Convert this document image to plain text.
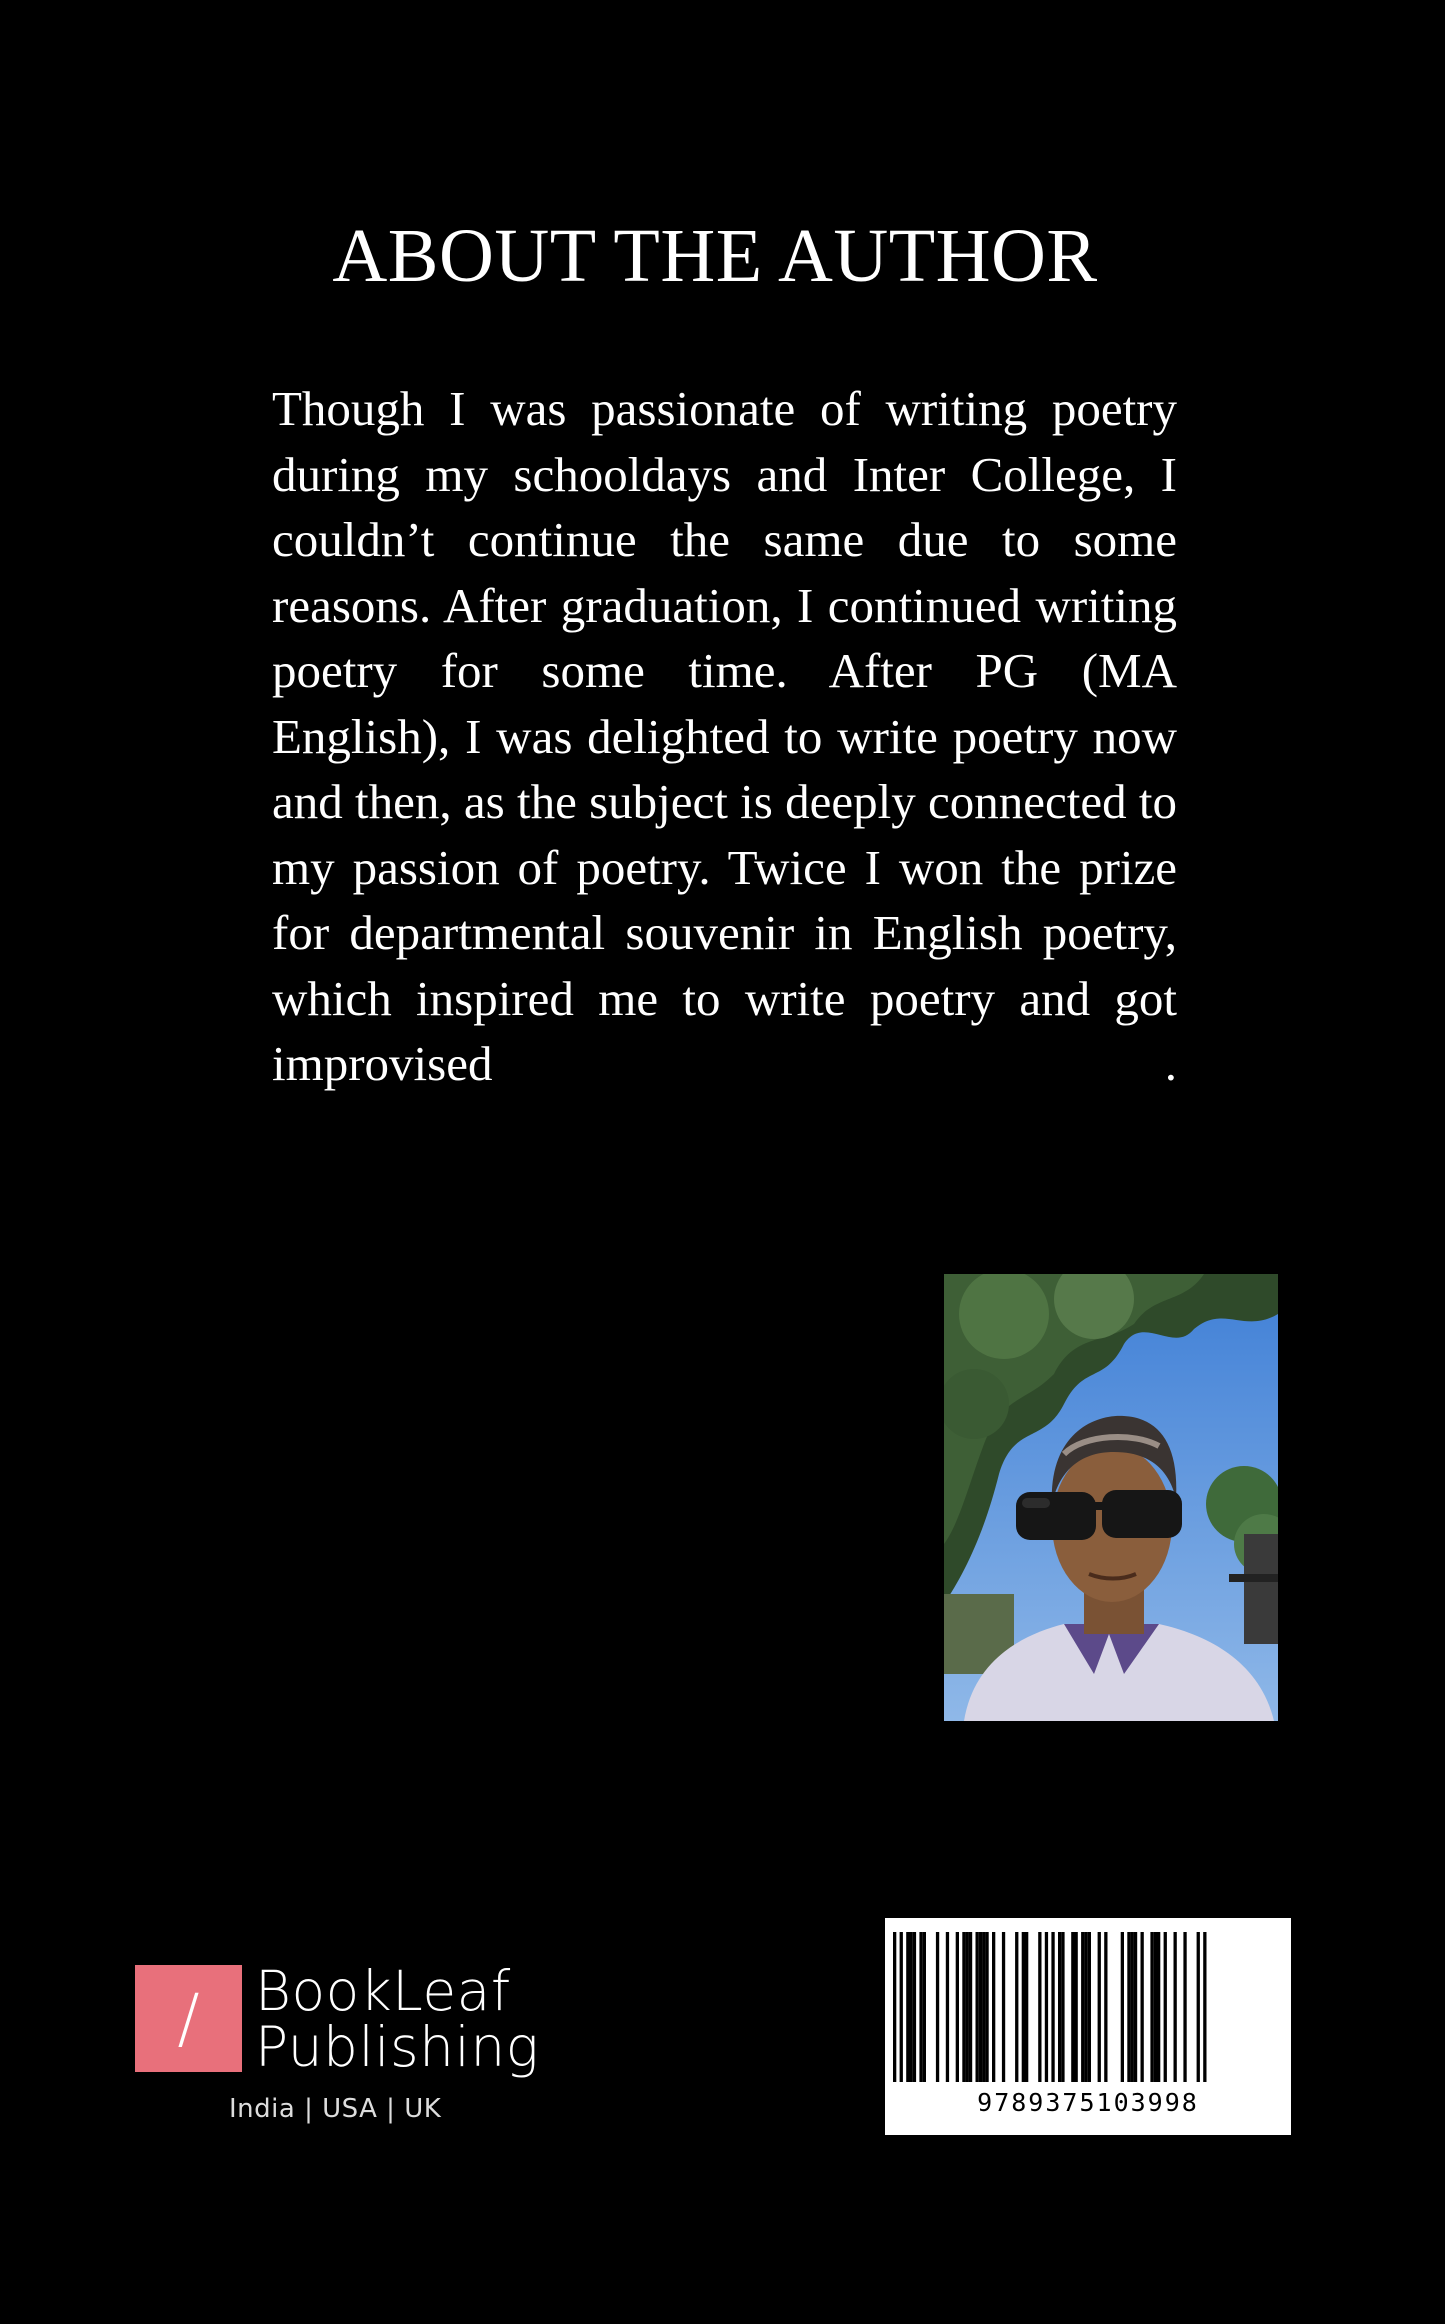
ABOUT THE AUTHOR

Though I was passionate of writing poetry during my schooldays and Inter College, I couldn’t continue the same due to some reasons. After graduation, I continued writing poetry for some time. After PG (MA English), I was delighted to write poetry now and then, as the subject is deeply connected to my passion of poetry. Twice I won the prize for departmental souvenir in English poetry, which inspired me to write poetry and got improvised .

/	BookLeaf
Publishing
India | USA | UK	9789375103998
